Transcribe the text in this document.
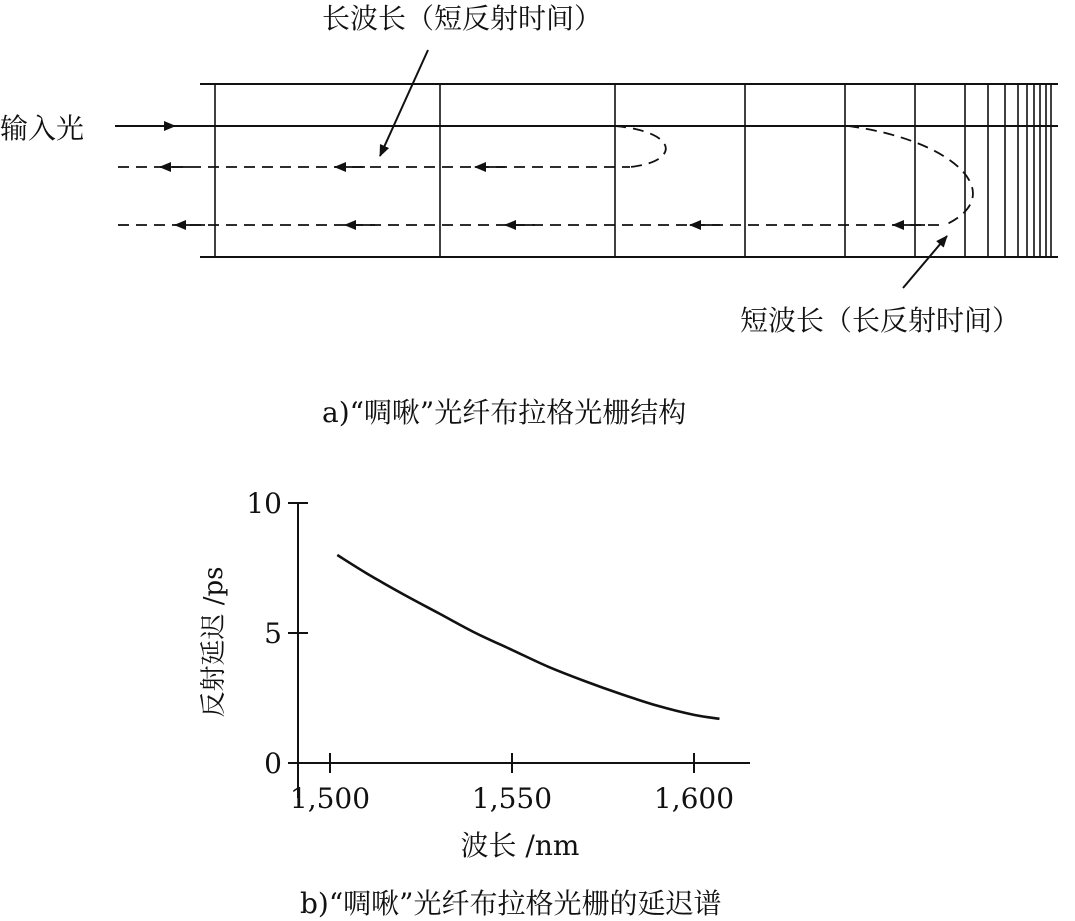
输入光
长波长（短反射时间）
短波长（长反射时间）
a)“啁啾”光纤布拉格光栅结构
0
5
10
1,500	1,550	1,600
反射延迟 /ps
波长 /nm
b)“啁啾”光纤布拉格光栅的延迟谱
